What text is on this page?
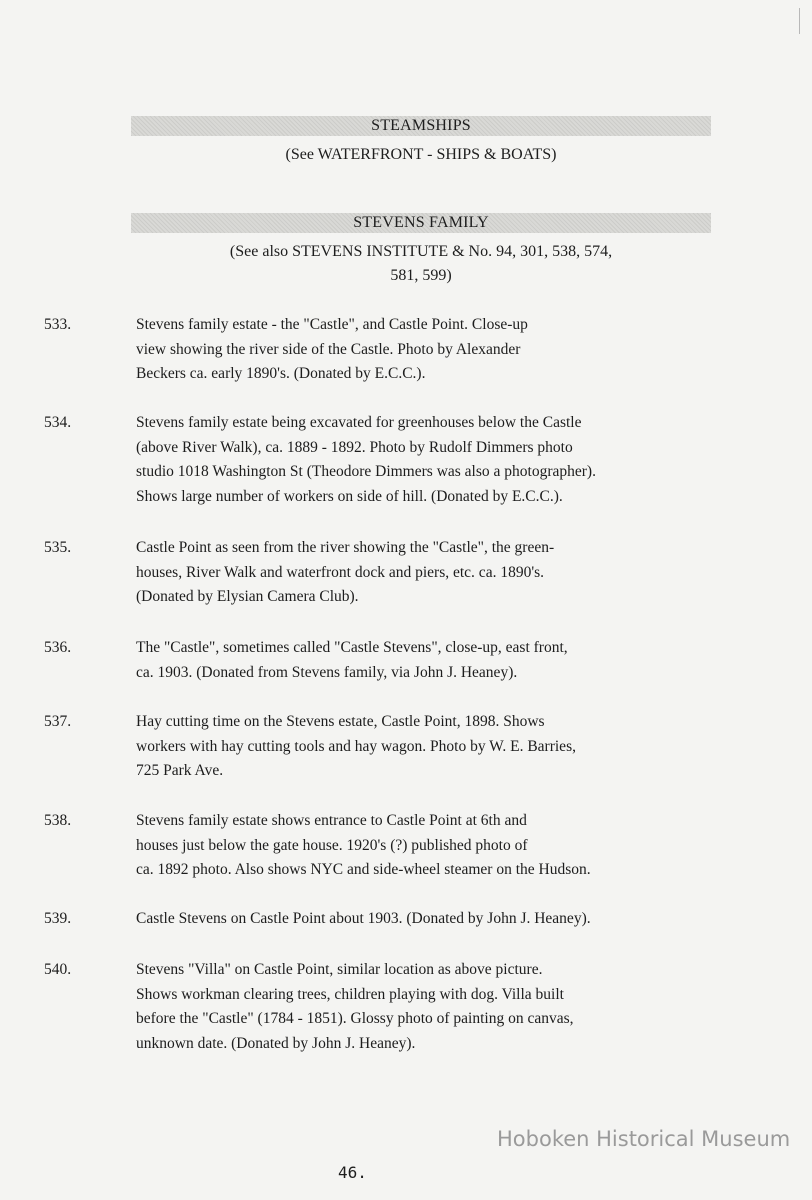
STEAMSHIPS
(See WATERFRONT - SHIPS & BOATS)
STEVENS FAMILY
(See also STEVENS INSTITUTE & No. 94, 301, 538, 574,
581, 599)
533.	Stevens family estate - the "Castle", and Castle Point. Close-up
view showing the river side of the Castle. Photo by Alexander
Beckers ca. early 1890's. (Donated by E.C.C.).
534.	Stevens family estate being excavated for greenhouses below the Castle
(above River Walk), ca. 1889 - 1892. Photo by Rudolf Dimmers photo
studio 1018 Washington St (Theodore Dimmers was also a photographer).
Shows large number of workers on side of hill. (Donated by E.C.C.).
535.	Castle Point as seen from the river showing the "Castle", the green-
houses, River Walk and waterfront dock and piers, etc. ca. 1890's.
(Donated by Elysian Camera Club).
536.	The "Castle", sometimes called "Castle Stevens", close-up, east front,
ca. 1903. (Donated from Stevens family, via John J. Heaney).
537.	Hay cutting time on the Stevens estate, Castle Point, 1898. Shows
workers with hay cutting tools and hay wagon. Photo by W. E. Barries,
725 Park Ave.
538.	Stevens family estate shows entrance to Castle Point at 6th and
houses just below the gate house. 1920's (?) published photo of
ca. 1892 photo. Also shows NYC and side-wheel steamer on the Hudson.
539.	Castle Stevens on Castle Point about 1903. (Donated by John J. Heaney).
540.	Stevens "Villa" on Castle Point, similar location as above picture.
Shows workman clearing trees, children playing with dog. Villa built
before the "Castle" (1784 - 1851). Glossy photo of painting on canvas,
unknown date. (Donated by John J. Heaney).
Hoboken Historical Museum
46.
